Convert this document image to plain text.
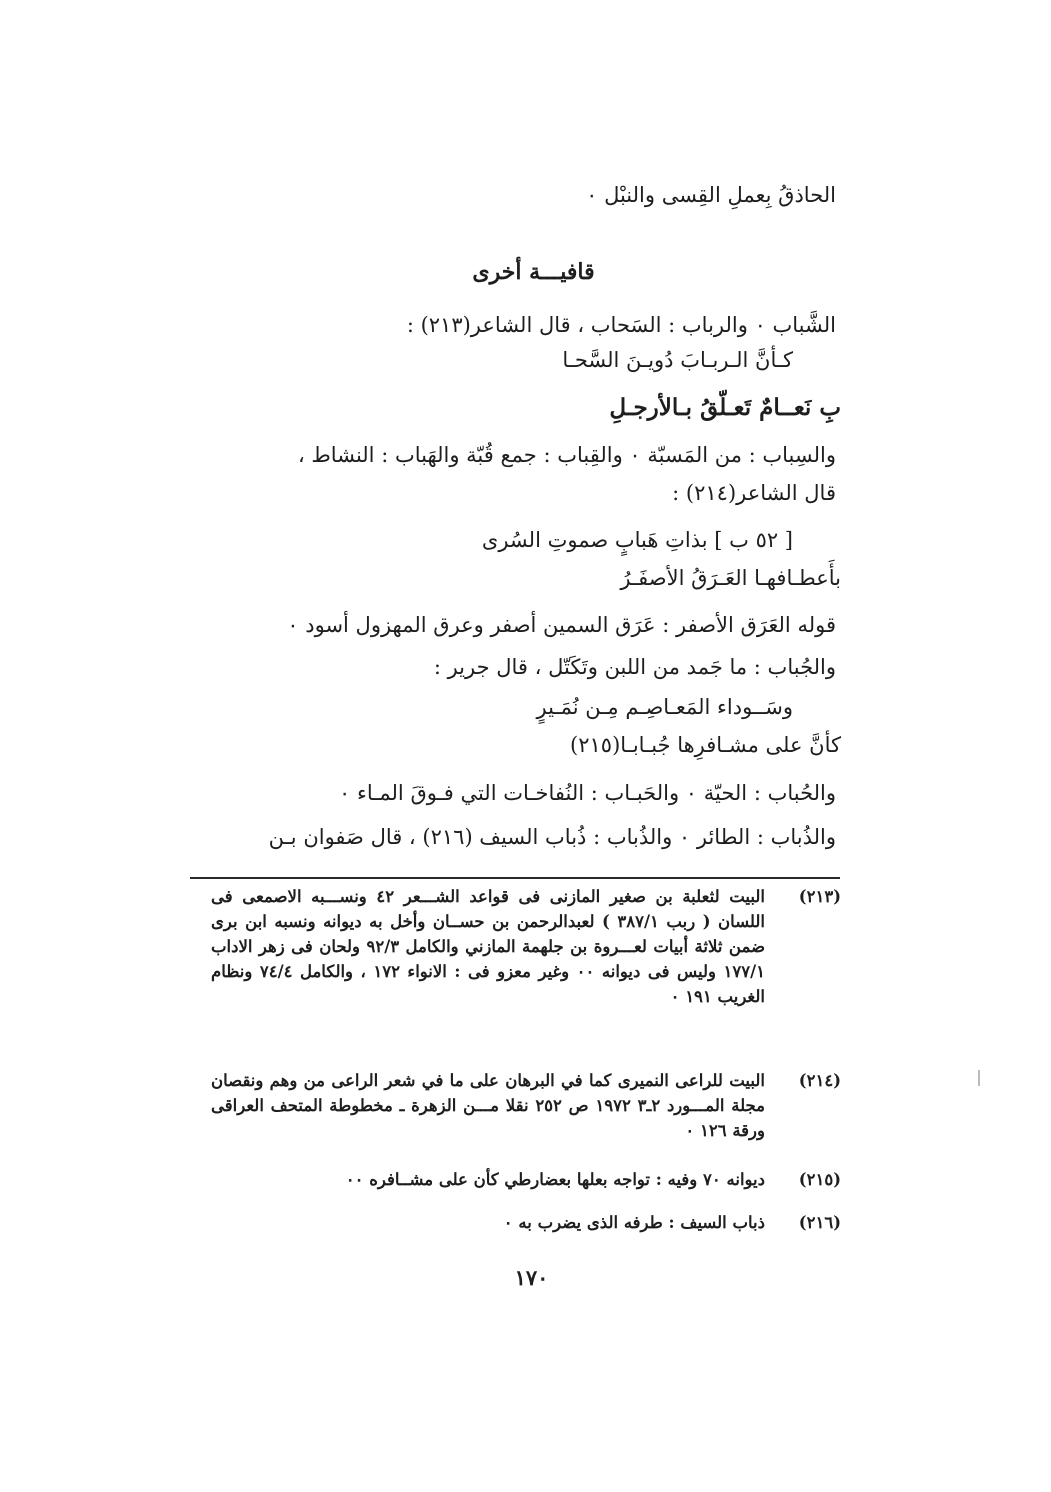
الحاذقُ بِعملِ القِسى والنبْل ٠
قافيـــة أخرى
الشَّباب ٠ والرباب : السَحاب ، قال الشاعر(٢١٣) :
كـأنَّ الـربـابَ دُويـنَ السَّحـا
بِ نَعــامٌ تَعـلّقُ بـالأرجـلِ
والسِباب : من المَسبّة ٠ والقِباب : جمع قُبّة والهَباب : النشاط ،
قال الشاعر(٢١٤) :
[ ٥٢ ب ] بذاتِ هَبابٍ صموتِ السُرى
بأَعطـافهـا العَـرَقُ الأصفَـرُ
قوله العَرَق الأصفر : عَرَق السمين أصفر وعرق المهزول أسود ٠
والجُباب : ما جَمد من اللبن وتَكَتّل ، قال جرير :
وسَــوداء المَعـاصِـم مِـن نُمَـيرٍ
كأنَّ على مشـافرِها جُبـابـا(٢١٥)
والحُباب : الحيّة ٠ والحَبـاب : النُفاخـات التي فـوقَ المـاء ٠
والذُباب : الطائر ٠ والذُباب : ذُباب السيف (٢١٦) ، قال صَفوان بـن
(٢١٣)
البيت لثعلبة بن صغير المازنى فى قواعد الشـــعر ٤٢ ونســـبه الاصمعى فى اللسان ( ربب ٣٨٧/١ ) لعبدالرحمن بن حســان وأخل به ديوانه ونسبه ابن برى ضمن ثلاثة أبيات لعـــروة بن جلهمة المازني والكامل ٩٢/٣ ولحان فى زهر الاداب ١٧٧/١ وليس فى ديوانه ٠٠ وغير معزو فى : الانواء ١٧٢ ، والكامل ٧٤/٤ ونظام الغريب ١٩١ ٠
(٢١٤)
البيت للراعى النميرى كما في البرهان على ما في شعر الراعى من وهم ونقصان مجلة المـــورد ٢ـ٣ ١٩٧٢ ص ٢٥٢ نقلا مـــن الزهرة ـ مخطوطة المتحف العراقى ورقة ١٢٦ ٠
(٢١٥)
ديوانه ٧٠ وفيه : تواجه بعلها بعضارطي كأن على مشــافره ٠٠
(٢١٦)
ذباب السيف : طرفه الذى يضرب به ٠
١٧٠
